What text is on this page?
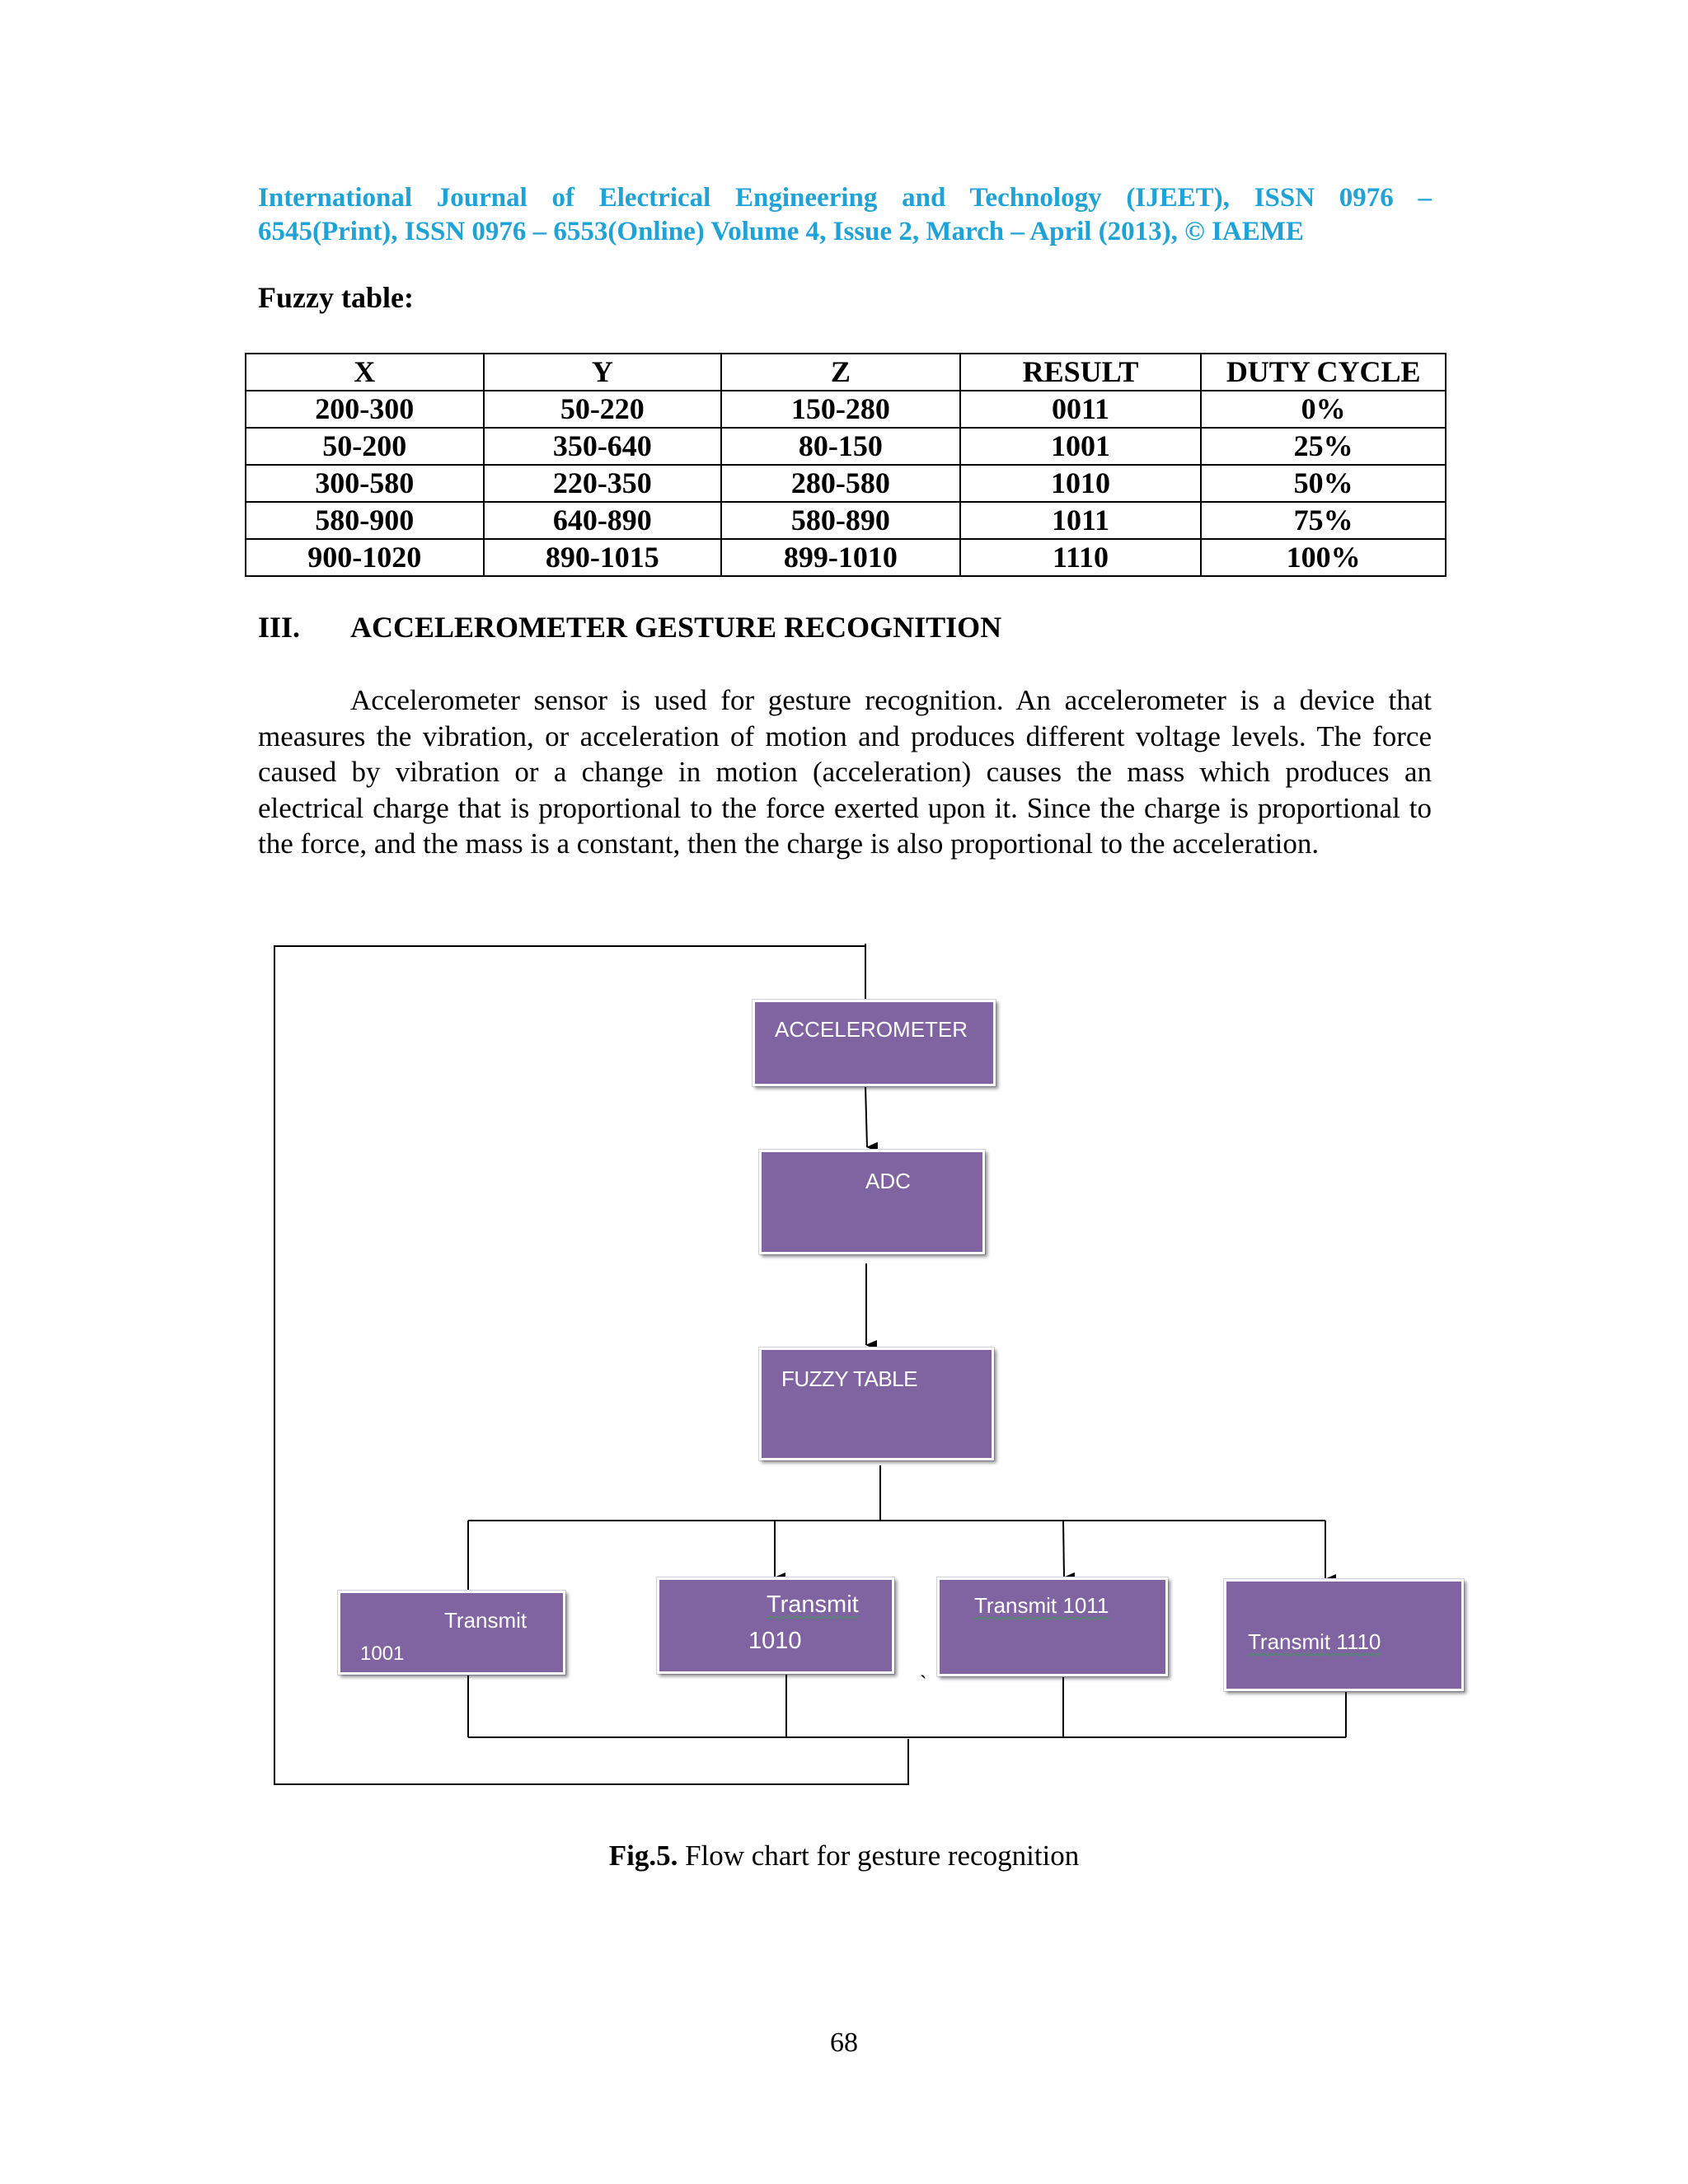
International Journal of Electrical Engineering and Technology (IJEET), ISSN 0976 –
6545(Print), ISSN 0976 – 6553(Online) Volume 4, Issue 2, March – April (2013), © IAEME
Fuzzy table:
X	Y	Z	RESULT	DUTY CYCLE
200-300	50-220	150-280	0011	0%
50-200	350-640	80-150	1001	25%
300-580	220-350	280-580	1010	50%
580-900	640-890	580-890	1011	75%
900-1020	890-1015	899-1010	1110	100%
III. ACCELEROMETER GESTURE RECOGNITION

Accelerometer sensor is used for gesture recognition. An accelerometer is a device that measures the vibration, or acceleration of motion and produces different voltage levels. The force caused by vibration or a change in motion (acceleration) causes the mass which produces an electrical charge that is proportional to the force exerted upon it. Since the charge is proportional to the force, and the mass is a constant, then the charge is also proportional to the acceleration.

ACCELEROMETER
ADC
FUZZY TABLE
Transmit
1001
Transmit
1010
Transmit 1011
Transmit 1110
`
Fig.5. Flow chart for gesture recognition
68
